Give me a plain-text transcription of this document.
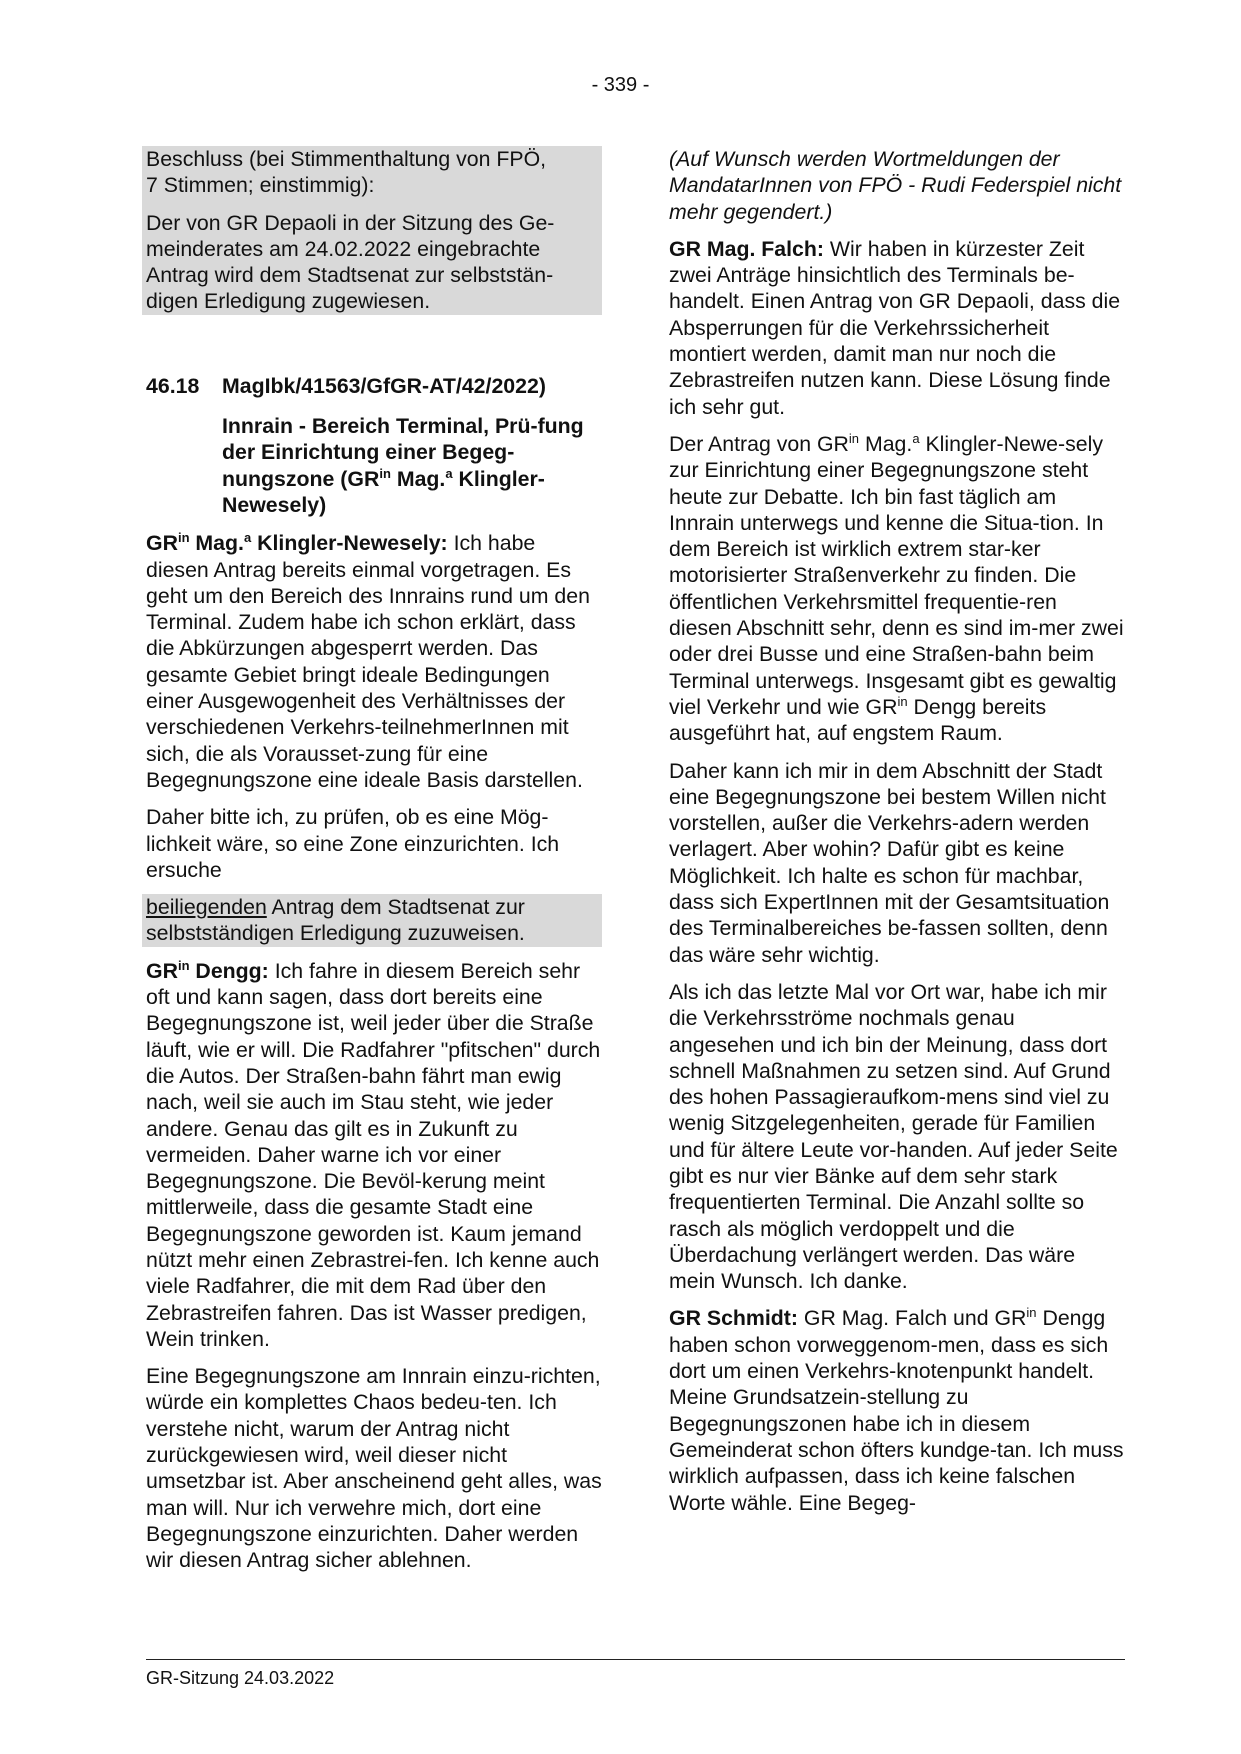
- 339 -
Beschluss (bei Stimmenthaltung von FPÖ,
7 Stimmen; einstimmig):
Der von GR Depaoli in der Sitzung des Ge-meinderates am 24.02.2022 eingebrachte Antrag wird dem Stadtsenat zur selbststän-digen Erledigung zugewiesen.
46.18	MagIbk/41563/GfGR-AT/42/2022)
Innrain - Bereich Terminal, Prü-fung der Einrichtung einer Begeg-nungszone ($GR^{in}$ Mag.$^a$ Klingler-Newesely)
$GR^{in}$ Mag.$^a$ Klingler-Newesely: Ich habe diesen Antrag bereits einmal vorgetragen. Es geht um den Bereich des Innrains rund um den Terminal. Zudem habe ich schon erklärt, dass die Abkürzungen abgesperrt werden. Das gesamte Gebiet bringt ideale Bedingungen einer Ausgewogenheit des Verhältnisses der verschiedenen Verkehrs-teilnehmerInnen mit sich, die als Vorausset-zung für eine Begegnungszone eine ideale Basis darstellen.
Daher bitte ich, zu prüfen, ob es eine Mög-lichkeit wäre, so eine Zone einzurichten. Ich ersuche
beiliegenden Antrag dem Stadtsenat zur selbstständigen Erledigung zuzuweisen.
$GR^{in}$ Dengg: Ich fahre in diesem Bereich sehr oft und kann sagen, dass dort bereits eine Begegnungszone ist, weil jeder über die Straße läuft, wie er will. Die Radfahrer "pfitschen" durch die Autos. Der Straßen-bahn fährt man ewig nach, weil sie auch im Stau steht, wie jeder andere. Genau das gilt es in Zukunft zu vermeiden. Daher warne ich vor einer Begegnungszone. Die Bevöl-kerung meint mittlerweile, dass die gesamte Stadt eine Begegnungszone geworden ist. Kaum jemand nützt mehr einen Zebrastrei-fen. Ich kenne auch viele Radfahrer, die mit dem Rad über den Zebrastreifen fahren. Das ist Wasser predigen, Wein trinken.
Eine Begegnungszone am Innrain einzu-richten, würde ein komplettes Chaos bedeu-ten. Ich verstehe nicht, warum der Antrag nicht zurückgewiesen wird, weil dieser nicht umsetzbar ist. Aber anscheinend geht alles, was man will. Nur ich verwehre mich, dort eine Begegnungszone einzurichten. Daher werden wir diesen Antrag sicher ablehnen.
(Auf Wunsch werden Wortmeldungen der MandatarInnen von FPÖ - Rudi Federspiel nicht mehr gegendert.)
GR Mag. Falch: Wir haben in kürzester Zeit zwei Anträge hinsichtlich des Terminals be-handelt. Einen Antrag von GR Depaoli, dass die Absperrungen für die Verkehrssicherheit montiert werden, damit man nur noch die Zebrastreifen nutzen kann. Diese Lösung finde ich sehr gut.
Der Antrag von $GR^{in}$ Mag.$^a$ Klingler-Newe-sely zur Einrichtung einer Begegnungszone steht heute zur Debatte. Ich bin fast täglich am Innrain unterwegs und kenne die Situa-tion. In dem Bereich ist wirklich extrem star-ker motorisierter Straßenverkehr zu finden. Die öffentlichen Verkehrsmittel frequentie-ren diesen Abschnitt sehr, denn es sind im-mer zwei oder drei Busse und eine Straßen-bahn beim Terminal unterwegs. Insgesamt gibt es gewaltig viel Verkehr und wie $GR^{in}$ Dengg bereits ausgeführt hat, auf engstem Raum.
Daher kann ich mir in dem Abschnitt der Stadt eine Begegnungszone bei bestem Willen nicht vorstellen, außer die Verkehrs-adern werden verlagert. Aber wohin? Dafür gibt es keine Möglichkeit. Ich halte es schon für machbar, dass sich ExpertInnen mit der Gesamtsituation des Terminalbereiches be-fassen sollten, denn das wäre sehr wichtig.
Als ich das letzte Mal vor Ort war, habe ich mir die Verkehrsströme nochmals genau angesehen und ich bin der Meinung, dass dort schnell Maßnahmen zu setzen sind. Auf Grund des hohen Passagieraufkom-mens sind viel zu wenig Sitzgelegenheiten, gerade für Familien und für ältere Leute vor-handen. Auf jeder Seite gibt es nur vier Bänke auf dem sehr stark frequentierten Terminal. Die Anzahl sollte so rasch als möglich verdoppelt und die Überdachung verlängert werden. Das wäre mein Wunsch. Ich danke.
GR Schmidt: GR Mag. Falch und $GR^{in}$ Dengg haben schon vorweggenom-men, dass es sich dort um einen Verkehrs-knotenpunkt handelt. Meine Grundsatzein-stellung zu Begegnungszonen habe ich in diesem Gemeinderat schon öfters kundge-tan. Ich muss wirklich aufpassen, dass ich keine falschen Worte wähle. Eine Begeg-
GR-Sitzung 24.03.2022
